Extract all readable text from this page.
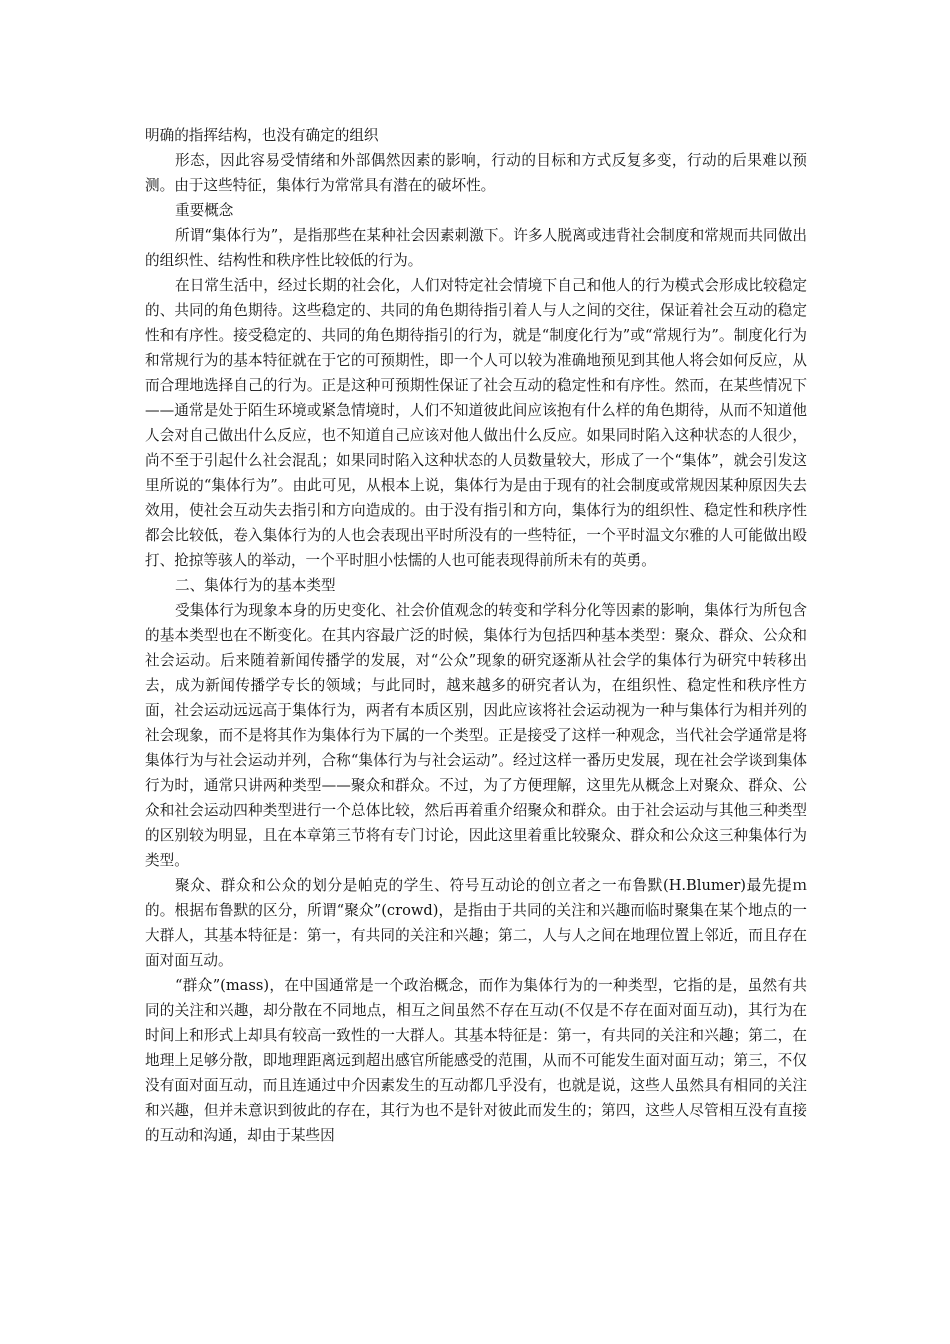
明确的指挥结构，也没有确定的组织

形态，因此容易受情绪和外部偶然因素的影响，行动的目标和方式反复多变，行动的后果难以预测。由于这些特征，集体行为常常具有潜在的破坏性。

重要概念

所谓“集体行为”，是指那些在某种社会因素刺激下。许多人脱离或违背社会制度和常规而共同做出的组织性、结构性和秩序性比较低的行为。

在日常生活中，经过长期的社会化，人们对特定社会情境下自己和他人的行为模式会形成比较稳定的、共同的角色期待。这些稳定的、共同的角色期待指引着人与人之间的交往，保证着社会互动的稳定性和有序性。接受稳定的、共同的角色期待指引的行为，就是“制度化行为”或“常规行为”。制度化行为和常规行为的基本特征就在于它的可预期性，即一个人可以较为准确地预见到其他人将会如何反应，从而合理地选择自己的行为。正是这种可预期性保证了社会互动的稳定性和有序性。然而，在某些情况下——通常是处于陌生环境或紧急情境时，人们不知道彼此间应该抱有什么样的角色期待，从而不知道他人会对自己做出什么反应，也不知道自己应该对他人做出什么反应。如果同时陷入这种状态的人很少，尚不至于引起什么社会混乱；如果同时陷入这种状态的人员数量较大，形成了一个“集体”，就会引发这里所说的“集体行为”。由此可见，从根本上说，集体行为是由于现有的社会制度或常规因某种原因失去效用，使社会互动失去指引和方向造成的。由于没有指引和方向，集体行为的组织性、稳定性和秩序性都会比较低，卷入集体行为的人也会表现出平时所没有的一些特征，一个平时温文尔雅的人可能做出殴打、抢掠等骇人的举动，一个平时胆小怯懦的人也可能表现得前所未有的英勇。

二、集体行为的基本类型

受集体行为现象本身的历史变化、社会价值观念的转变和学科分化等因素的影响，集体行为所包含的基本类型也在不断变化。在其内容最广泛的时候，集体行为包括四种基本类型：聚众、群众、公众和社会运动。后来随着新闻传播学的发展，对“公众”现象的研究逐渐从社会学的集体行为研究中转移出去，成为新闻传播学专长的领域；与此同时，越来越多的研究者认为，在组织性、稳定性和秩序性方面，社会运动远远高于集体行为，两者有本质区别，因此应该将社会运动视为一种与集体行为相并列的社会现象，而不是将其作为集体行为下属的一个类型。正是接受了这样一种观念，当代社会学通常是将集体行为与社会运动并列，合称“集体行为与社会运动”。经过这样一番历史发展，现在社会学谈到集体行为时，通常只讲两种类型——聚众和群众。不过，为了方便理解，这里先从概念上对聚众、群众、公众和社会运动四种类型进行一个总体比较，然后再着重介绍聚众和群众。由于社会运动与其他三种类型的区别较为明显，且在本章第三节将有专门讨论，因此这里着重比较聚众、群众和公众这三种集体行为类型。

聚众、群众和公众的划分是帕克的学生、符号互动论的创立者之一布鲁默(H.Blumer)最先提ｍ的。根据布鲁默的区分，所谓“聚众”(crowd)，是指由于共同的关注和兴趣而临时聚集在某个地点的一大群人，其基本特征是：第一，有共同的关注和兴趣；第二，人与人之间在地理位置上邻近，而且存在面对面互动。

“群众”(mass)，在中国通常是一个政治概念，而作为集体行为的一种类型，它指的是，虽然有共同的关注和兴趣，却分散在不同地点，相互之间虽然不存在互动(不仅是不存在面对面互动)，其行为在时间上和形式上却具有较高一致性的一大群人。其基本特征是：第一，有共同的关注和兴趣；第二，在地理上足够分散，即地理距离远到超出感官所能感受的范围，从而不可能发生面对面互动；第三，不仅没有面对面互动，而且连通过中介因素发生的互动都几乎没有，也就是说，这些人虽然具有相同的关注和兴趣，但并未意识到彼此的存在，其行为也不是针对彼此而发生的；第四，这些人尽管相互没有直接的互动和沟通，却由于某些因
